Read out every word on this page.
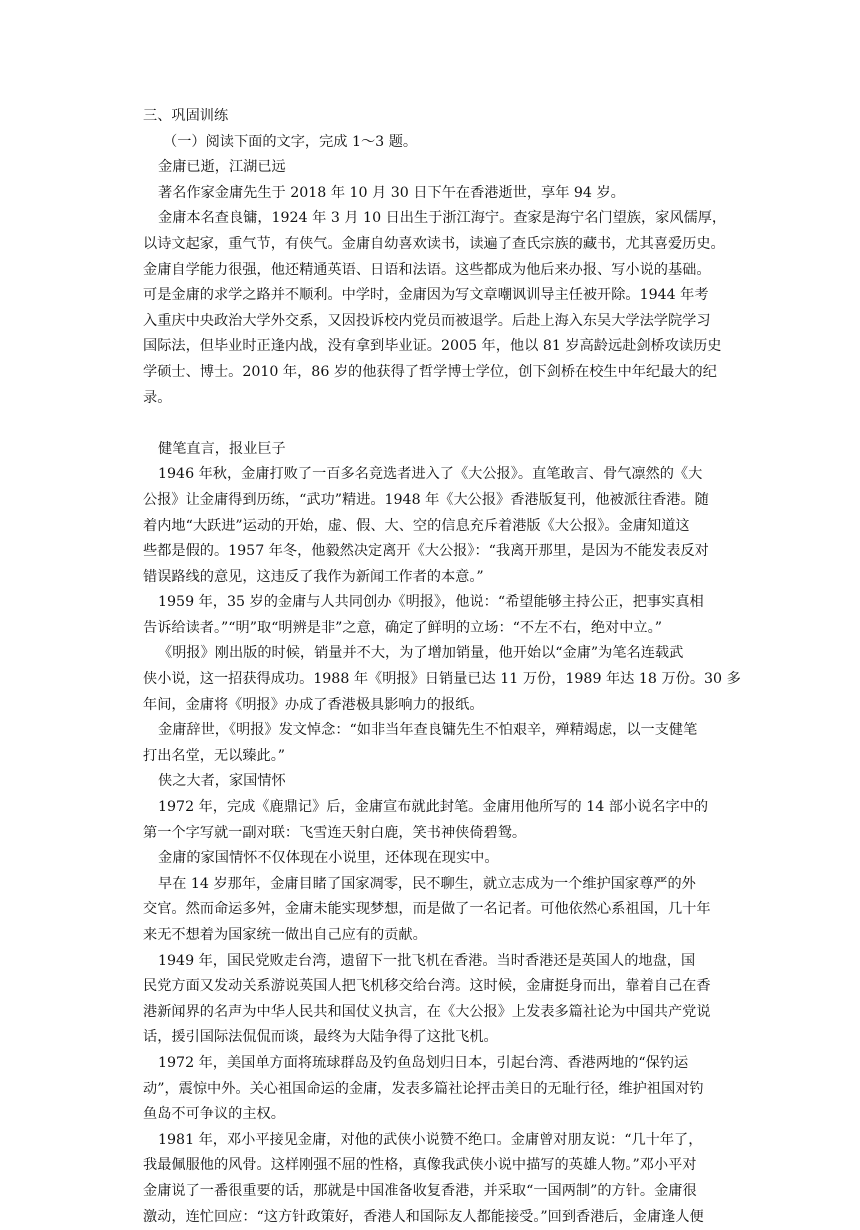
三、巩固训练

（一）阅读下面的文字，完成 1～3 题。

金庸已逝，江湖已远

著名作家金庸先生于 2018 年 10 月 30 日下午在香港逝世，享年 94 岁。

金庸本名查良镛，1924 年 3 月 10 日出生于浙江海宁。查家是海宁名门望族，家风儒厚，

以诗文起家，重气节，有侠气。金庸自幼喜欢读书，读遍了查氏宗族的藏书，尤其喜爱历史。

金庸自学能力很强，他还精通英语、日语和法语。这些都成为他后来办报、写小说的基础。

可是金庸的求学之路并不顺利。中学时，金庸因为写文章嘲讽训导主任被开除。1944 年考

入重庆中央政治大学外交系，又因投诉校内党员而被退学。后赴上海入东吴大学法学院学习

国际法，但毕业时正逢内战，没有拿到毕业证。2005 年，他以 81 岁高龄远赴剑桥攻读历史

学硕士、博士。2010 年，86 岁的他获得了哲学博士学位，创下剑桥在校生中年纪最大的纪

录。

健笔直言，报业巨子

1946 年秋，金庸打败了一百多名竞选者进入了《大公报》。直笔敢言、骨气凛然的《大

公报》让金庸得到历练，“武功”精进。1948 年《大公报》香港版复刊，他被派往香港。随

着内地“大跃进”运动的开始，虚、假、大、空的信息充斥着港版《大公报》。金庸知道这

些都是假的。1957 年冬，他毅然决定离开《大公报》：“我离开那里，是因为不能发表反对

错误路线的意见，这违反了我作为新闻工作者的本意。”

1959 年，35 岁的金庸与人共同创办《明报》，他说：“希望能够主持公正，把事实真相

告诉给读者。”“明”取“明辨是非”之意，确定了鲜明的立场：“不左不右，绝对中立。”

《明报》刚出版的时候，销量并不大，为了增加销量，他开始以“金庸”为笔名连载武

侠小说，这一招获得成功。1988 年《明报》日销量已达 11 万份，1989 年达 18 万份。30 多

年间，金庸将《明报》办成了香港极具影响力的报纸。

金庸辞世，《明报》发文悼念：“如非当年查良镛先生不怕艰辛，殚精竭虑，以一支健笔

打出名堂，无以臻此。”

侠之大者，家国情怀

1972 年，完成《鹿鼎记》后，金庸宣布就此封笔。金庸用他所写的 14 部小说名字中的

第一个字写就一副对联：飞雪连天射白鹿，笑书神侠倚碧鸳。

金庸的家国情怀不仅体现在小说里，还体现在现实中。

早在 14 岁那年，金庸目睹了国家凋零，民不聊生，就立志成为一个维护国家尊严的外

交官。然而命运多舛，金庸未能实现梦想，而是做了一名记者。可他依然心系祖国，几十年

来无不想着为国家统一做出自己应有的贡献。

1949 年，国民党败走台湾，遗留下一批飞机在香港。当时香港还是英国人的地盘，国

民党方面又发动关系游说英国人把飞机移交给台湾。这时候，金庸挺身而出，靠着自己在香

港新闻界的名声为中华人民共和国仗义执言，在《大公报》上发表多篇社论为中国共产党说

话，援引国际法侃侃而谈，最终为大陆争得了这批飞机。

1972 年，美国单方面将琉球群岛及钓鱼岛划归日本，引起台湾、香港两地的“保钓运

动”，震惊中外。关心祖国命运的金庸，发表多篇社论抨击美日的无耻行径，维护祖国对钓

鱼岛不可争议的主权。

1981 年，邓小平接见金庸，对他的武侠小说赞不绝口。金庸曾对朋友说：“几十年了，

我最佩服他的风骨。这样刚强不屈的性格，真像我武侠小说中描写的英雄人物。”邓小平对

金庸说了一番很重要的话，那就是中国准备收复香港，并采取“一国两制”的方针。金庸很

激动，连忙回应：“这方针政策好，香港人和国际友人都能接受。”回到香港后，金庸逢人便
